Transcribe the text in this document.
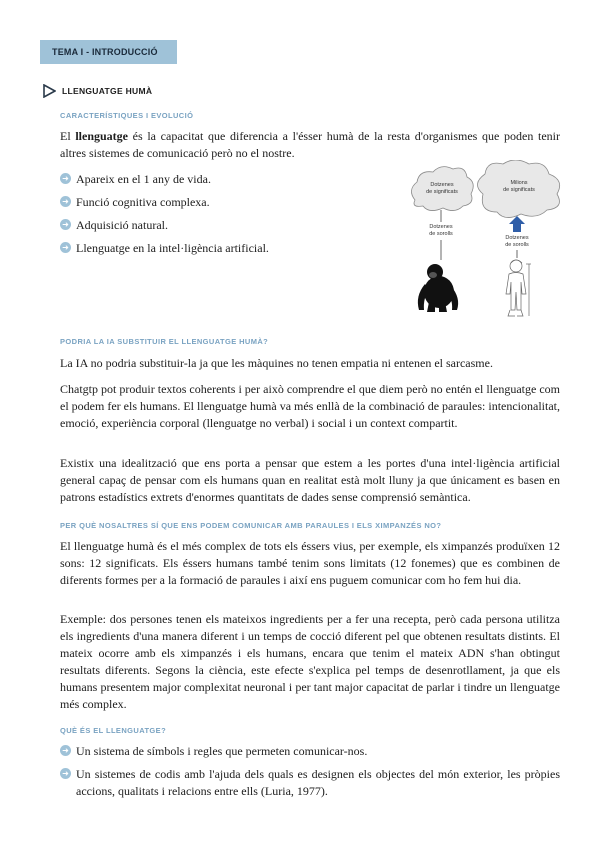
TEMA I - INTRODUCCIÓ
LLENGUATGE HUMÀ
CARACTERÍSTIQUES I EVOLUCIÓ

El llenguatge és la capacitat que diferencia a l'ésser humà de la resta d'organismes que poden tenir altres sistemes de comunicació però no el nostre.

➜ Apareix en el 1 any de vida.
➜ Funció cognitiva complexa.
➜ Adquisició natural.
➜ Llenguatge en la intel·ligència artificial.
Dotzenes
de significats
Milions
de significats
Dotzenes
de sorolls
Dotzenes
de sorolls
PODRIA LA IA SUBSTITUIR EL LLENGUATGE HUMÀ?

La IA no podria substituir-la ja que les màquines no tenen empatia ni entenen el sarcasme.

Chatgtp pot produir textos coherents i per això comprendre el que diem però no entén el llenguatge com el podem fer els humans. El llenguatge humà va més enllà de la combinació de paraules: intencionalitat, emoció, experiència corporal (llenguatge no verbal) i social i un context compartit.

Existix una idealització que ens porta a pensar que estem a les portes d'una intel·ligència artificial general capaç de pensar com els humans quan en realitat està molt lluny ja que únicament es basen en patrons estadístics extrets d'enormes quantitats de dades sense comprensió semàntica.

PER QUÈ NOSALTRES SÍ QUE ENS PODEM COMUNICAR AMB PARAULES I ELS XIMPANZÉS NO?

El llenguatge humà és el més complex de tots els éssers vius, per exemple, els ximpanzés produïxen 12 sons: 12 significats. Els éssers humans també tenim sons limitats (12 fonemes) que es combinen de diferents formes per a la formació de paraules i així ens puguem comunicar com ho fem hui dia.

Exemple: dos persones tenen els mateixos ingredients per a fer una recepta, però cada persona utilitza els ingredients d'una manera diferent i un temps de cocció diferent pel que obtenen resultats distints. El mateix ocorre amb els ximpanzés i els humans, encara que tenim el mateix ADN s'han obtingut resultats diferents. Segons la ciència, este efecte s'explica pel temps de desenrotllament, ja que els humans presentem major complexitat neuronal i per tant major capacitat de parlar i tindre un llenguatge més complex.

QUÈ ÉS EL LLENGUATGE?
➜ Un sistema de símbols i regles que permeten comunicar-nos.
➜ Un sistemes de codis amb l'ajuda dels quals es designen els objectes del món exterior, les pròpies accions, qualitats i relacions entre ells (Luria, 1977).
